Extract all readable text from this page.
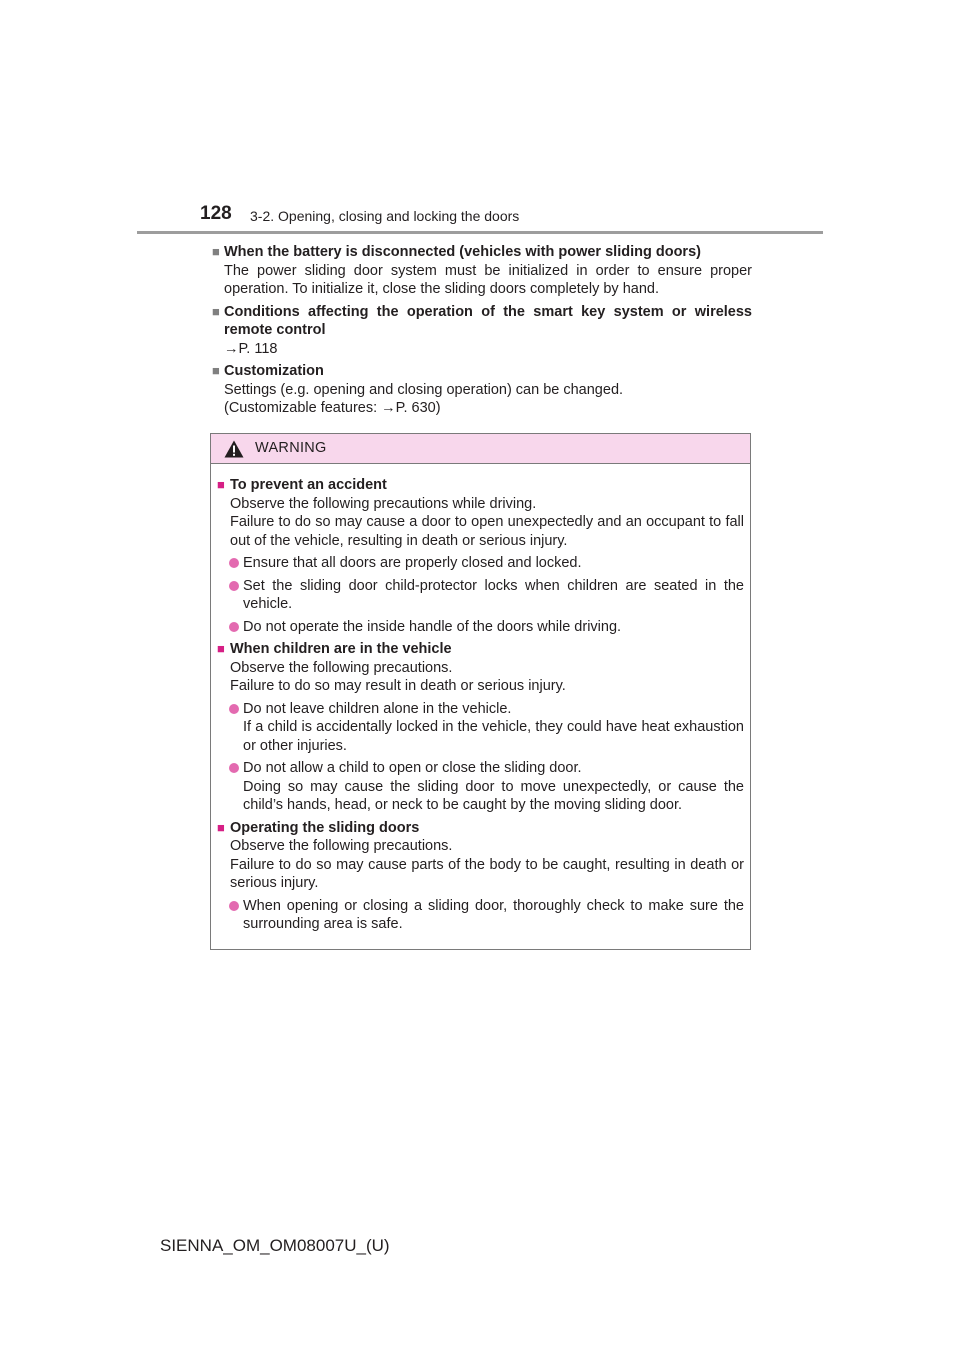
128 3-2. Opening, closing and locking the doors
■ When the battery is disconnected (vehicles with power sliding doors)
The power sliding door system must be initialized in order to ensure proper operation. To initialize it, close the sliding doors completely by hand.
■ Conditions affecting the operation of the smart key system or wireless remote control
→P. 118
■ Customization
Settings (e.g. opening and closing operation) can be changed.
(Customizable features: →P. 630)
WARNING
■ To prevent an accident
Observe the following precautions while driving.
Failure to do so may cause a door to open unexpectedly and an occupant to fall out of the vehicle, resulting in death or serious injury.
Ensure that all doors are properly closed and locked.
Set the sliding door child-protector locks when children are seated in the vehicle.
Do not operate the inside handle of the doors while driving.
■ When children are in the vehicle
Observe the following precautions.
Failure to do so may result in death or serious injury.
Do not leave children alone in the vehicle.
If a child is accidentally locked in the vehicle, they could have heat exhaustion or other injuries.
Do not allow a child to open or close the sliding door.
Doing so may cause the sliding door to move unexpectedly, or cause the child’s hands, head, or neck to be caught by the moving sliding door.
■ Operating the sliding doors
Observe the following precautions.
Failure to do so may cause parts of the body to be caught, resulting in death or serious injury.
When opening or closing a sliding door, thoroughly check to make sure the surrounding area is safe.
SIENNA_OM_OM08007U_(U)
